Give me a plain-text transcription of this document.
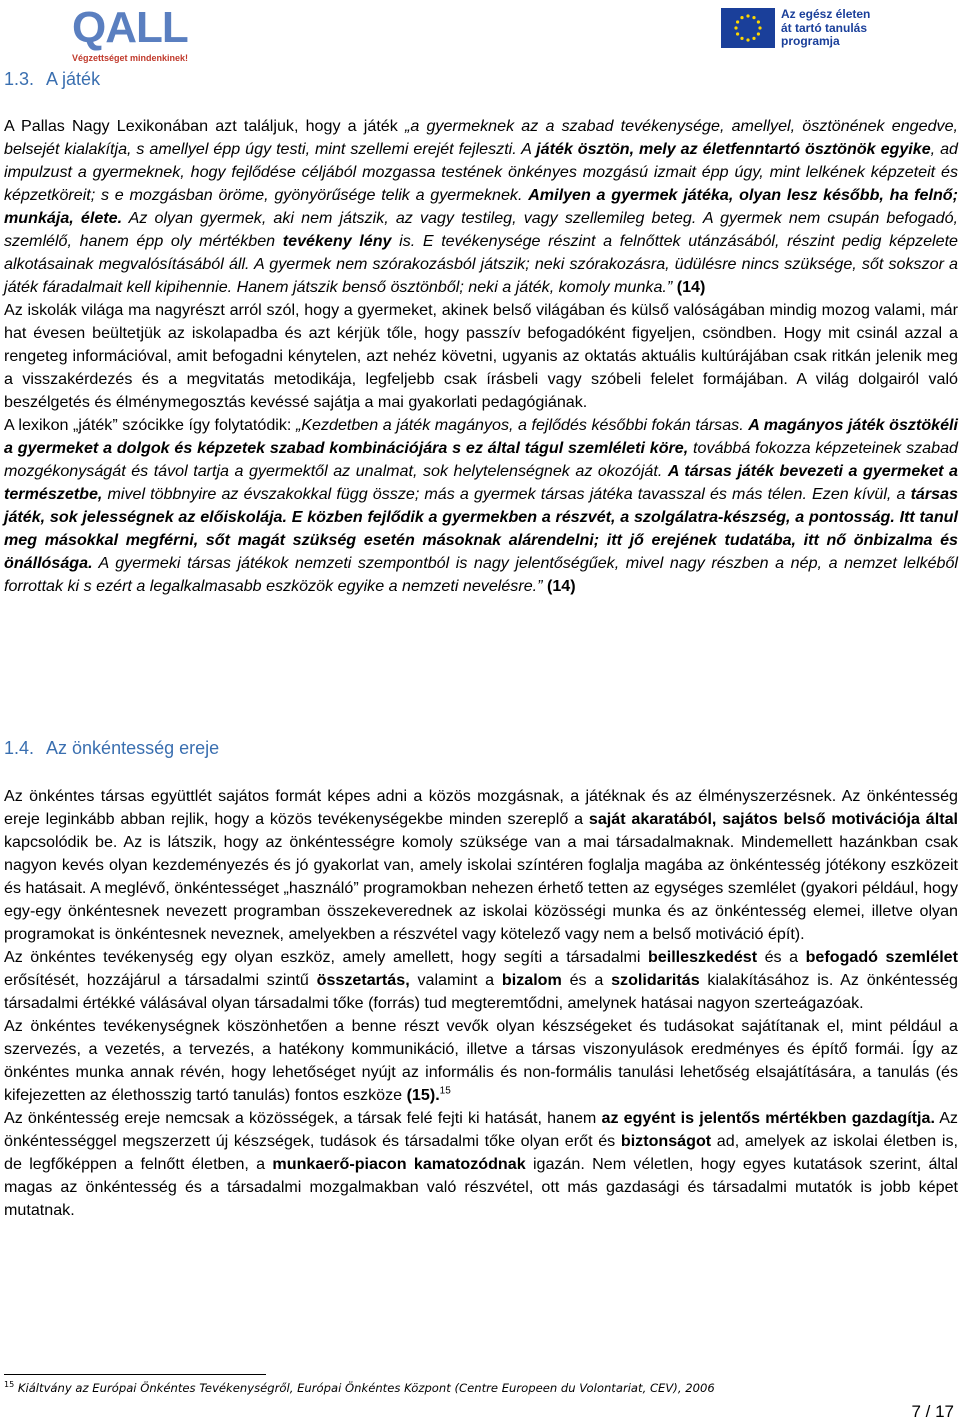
QALL
Végzettséget mindenkinek!
Az egész életen
át tartó tanulás
programja
1.3. A játék

A Pallas Nagy Lexikonában azt találjuk, hogy a játék „a gyermeknek az a szabad tevékenysége, amellyel, ösztönének engedve, belsejét kialakítja, s amellyel épp úgy testi, mint szellemi erejét fejleszti. A játék ösztön, mely az életfenntartó ösztönök egyike, ad impulzust a gyermeknek, hogy fejlődése céljából mozgassa testének önkényes mozgású izmait épp úgy, mint lelkének képzeteit és képzetköreit; s e mozgásban öröme, gyönyörűsége telik a gyermeknek. Amilyen a gyermek játéka, olyan lesz később, ha felnő; munkája, élete. Az olyan gyermek, aki nem játszik, az vagy testileg, vagy szellemileg beteg. A gyermek nem csupán befogadó, szemlélő, hanem épp oly mértékben tevékeny lény is. E tevékenysége részint a felnőttek utánzásából, részint pedig képzelete alkotásainak megvalósításából áll. A gyermek nem szórakozásból játszik; neki szórakozásra, üdülésre nincs szüksége, sőt sokszor a játék fáradalmait kell kipihennie. Hanem játszik benső ösztönből; neki a játék, komoly munka.” (14)

Az iskolák világa ma nagyrészt arról szól, hogy a gyermeket, akinek belső világában és külső valóságában mindig mozog valami, már hat évesen beültetjük az iskolapadba és azt kérjük tőle, hogy passzív befogadóként figyeljen, csöndben. Hogy mit csinál azzal a rengeteg információval, amit befogadni kénytelen, azt nehéz követni, ugyanis az oktatás aktuális kultúrájában csak ritkán jelenik meg a visszakérdezés és a megvitatás metodikája, legfeljebb csak írásbeli vagy szóbeli felelet formájában. A világ dolgairól való beszélgetés és élménymegosztás kevéssé sajátja a mai gyakorlati pedagógiának.

A lexikon „játék” szócikke így folytatódik: „Kezdetben a játék magányos, a fejlődés későbbi fokán társas. A magányos játék ösztökéli a gyermeket a dolgok és képzetek szabad kombinációjára s ez által tágul szemléleti köre, továbbá fokozza képzeteinek szabad mozgékonyságát és távol tartja a gyermektől az unalmat, sok helytelenségnek az okozóját. A társas játék bevezeti a gyermeket a természetbe, mivel többnyire az évszakokkal függ össze; más a gyermek társas játéka tavasszal és más télen. Ezen kívül, a társas játék, sok jelességnek az előiskolája. E közben fejlődik a gyermekben a részvét, a szolgálatra-készség, a pontosság. Itt tanul meg másokkal megférni, sőt magát szükség esetén másoknak alárendelni; itt jő erejének tudatába, itt nő önbizalma és önállósága. A gyermeki társas játékok nemzeti szempontból is nagy jelentőségűek, mivel nagy részben a nép, a nemzet lelkéből forrottak ki s ezért a legalkalmasabb eszközök egyike a nemzeti nevelésre.” (14)

1.4. Az önkéntesség ereje

Az önkéntes társas együttlét sajátos formát képes adni a közös mozgásnak, a játéknak és az élményszerzésnek. Az önkéntesség ereje leginkább abban rejlik, hogy a közös tevékenységekbe minden szereplő a saját akaratából, sajátos belső motivációja által kapcsolódik be. Az is látszik, hogy az önkéntességre komoly szüksége van a mai társadalmaknak. Mindemellett hazánkban csak nagyon kevés olyan kezdeményezés és jó gyakorlat van, amely iskolai színtéren foglalja magába az önkéntesség jótékony eszközeit és hatásait. A meglévő, önkéntességet „használó” programokban nehezen érhető tetten az egységes szemlélet (gyakori például, hogy egy-egy önkéntesnek nevezett programban összekeverednek az iskolai közösségi munka és az önkéntesség elemei, illetve olyan programokat is önkéntesnek neveznek, amelyekben a részvétel vagy kötelező vagy nem a belső motiváció épít).

Az önkéntes tevékenység egy olyan eszköz, amely amellett, hogy segíti a társadalmi beilleszkedést és a befogadó szemlélet erősítését, hozzájárul a társadalmi szintű összetartás, valamint a bizalom és a szolidaritás kialakításához is. Az önkéntesség társadalmi értékké válásával olyan társadalmi tőke (forrás) tud megteremtődni, amelynek hatásai nagyon szerteágazóak.

Az önkéntes tevékenységnek köszönhetően a benne részt vevők olyan készségeket és tudásokat sajátítanak el, mint például a szervezés, a vezetés, a tervezés, a hatékony kommunikáció, illetve a társas viszonyulások eredményes és építő formái. Így az önkéntes munka annak révén, hogy lehetőséget nyújt az informális és non-formális tanulási lehetőség elsajátítására, a tanulás (és kifejezetten az élethosszig tartó tanulás) fontos eszköze (15).$^{15}$

Az önkéntesség ereje nemcsak a közösségek, a társak felé fejti ki hatását, hanem az egyént is jelentős mértékben gazdagítja. Az önkéntességgel megszerzett új készségek, tudások és társadalmi tőke olyan erőt és biztonságot ad, amelyek az iskolai életben is, de legfőképpen a felnőtt életben, a munkaerő-piacon kamatozódnak igazán. Nem véletlen, hogy egyes kutatások szerint, által magas az önkéntesség és a társadalmi mozgalmakban való részvétel, ott más gazdasági és társadalmi mutatók is jobb képet mutatnak.

$^{15}$ Kiáltvány az Európai Önkéntes Tevékenységről, Európai Önkéntes Központ (Centre Europeen du Volontariat, CEV), 2006
7 / 17
